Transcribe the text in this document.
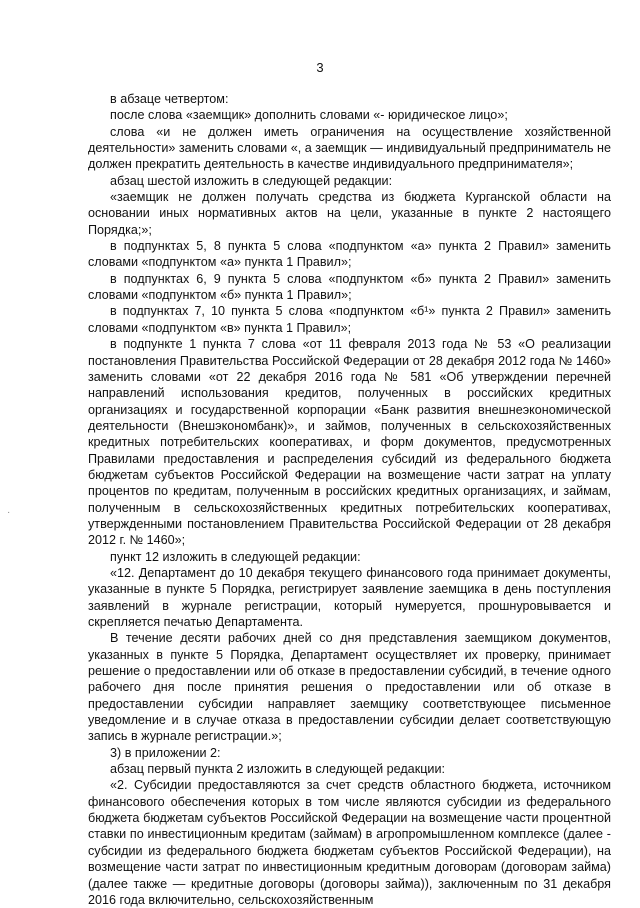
3
·

в абзаце четвертом:

после слова «заемщик» дополнить словами «- юридическое лицо»;

слова «и не должен иметь ограничения на осуществление хозяйственной деятельности» заменить словами «, а заемщик — индивидуальный предприниматель не должен прекратить деятельность в качестве индивидуального предпринимателя»;

абзац шестой изложить в следующей редакции:

«заемщик не должен получать средства из бюджета Курганской области на основании иных нормативных актов на цели, указанные в пункте 2 настоящего Порядка;»;

в подпунктах 5, 8 пункта 5 слова «подпунктом «а» пункта 2 Правил» заменить словами «подпунктом «а» пункта 1 Правил»;

в подпунктах 6, 9 пункта 5 слова «подпунктом «б» пункта 2 Правил» заменить словами «подпунктом «б» пункта 1 Правил»;

в подпунктах 7, 10 пункта 5 слова «подпунктом «б¹» пункта 2 Правил» заменить словами «подпунктом «в» пункта 1 Правил»;

в подпункте 1 пункта 7 слова «от 11 февраля 2013 года № 53 «О реализации постановления Правительства Российской Федерации от 28 декабря 2012 года № 1460» заменить словами «от 22 декабря 2016 года № 581 «Об утверждении перечней направлений использования кредитов, полученных в российских кредитных организациях и государственной корпорации «Банк развития внешнеэкономической деятельности (Внешэкономбанк)», и займов, полученных в сельскохозяйственных кредитных потребительских кооперативах, и форм документов, предусмотренных Правилами предоставления и распределения субсидий из федерального бюджета бюджетам субъектов Российской Федерации на возмещение части затрат на уплату процентов по кредитам, полученным в российских кредитных организациях, и займам, полученным в сельскохозяйственных кредитных потребительских кооперативах, утвержденными постановлением Правительства Российской Федерации от 28 декабря 2012 г. № 1460»;

пункт 12 изложить в следующей редакции:

«12. Департамент до 10 декабря текущего финансового года принимает документы, указанные в пункте 5 Порядка, регистрирует заявление заемщика в день поступления заявлений в журнале регистрации, который нумеруется, прошнуровывается и скрепляется печатью Департамента.

В течение десяти рабочих дней со дня представления заемщиком документов, указанных в пункте 5 Порядка, Департамент осуществляет их проверку, принимает решение о предоставлении или об отказе в предоставлении субсидий, в течение одного рабочего дня после принятия решения о предоставлении или об отказе в предоставлении субсидии направляет заемщику соответствующее письменное уведомление и в случае отказа в предоставлении субсидии делает соответствующую запись в журнале регистрации.»;

3) в приложении 2:

абзац первый пункта 2 изложить в следующей редакции:

«2. Субсидии предоставляются за счет средств областного бюджета, источником финансового обеспечения которых в том числе являются субсидии из федерального бюджета бюджетам субъектов Российской Федерации на возмещение части процентной ставки по инвестиционным кредитам (займам) в агропромышленном комплексе (далее - субсидии из федерального бюджета бюджетам субъектов Российской Федерации), на возмещение части затрат по инвестиционным кредитным договорам (договорам займа) (далее также — кредитные договоры (договоры займа)), заключенным по 31 декабря 2016 года включительно, сельскохозяйственным
